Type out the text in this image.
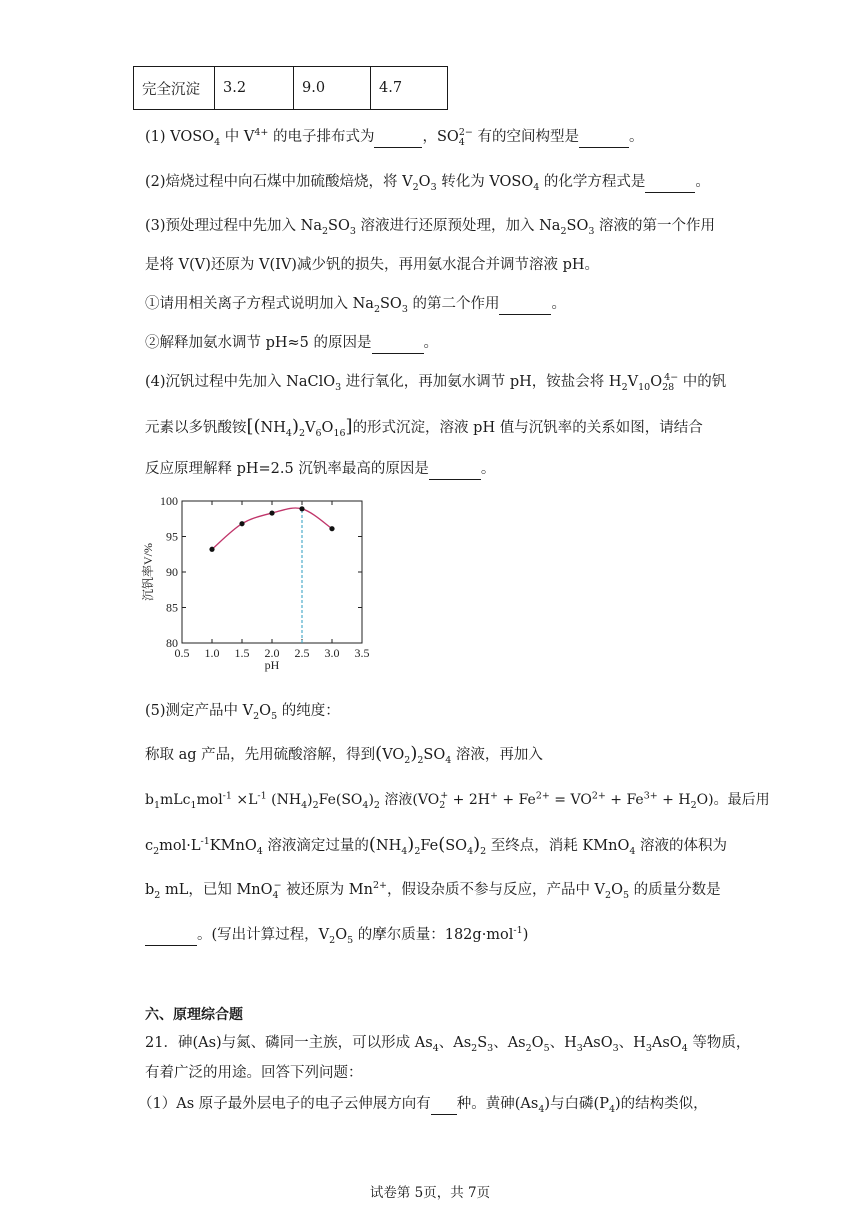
完全沉淀	3.2	9.0	4.7
(1) $VOSO_4$ 中 $V^{4+}$ 的电子排布式为	，$SO_4^{2-}$ 有的空间构型是	。
(2)焙烧过程中向石煤中加硫酸焙烧，将 $V_2O_3$ 转化为 $VOSO_4$ 的化学方程式是	。
(3)预处理过程中先加入 $Na_2SO_3$ 溶液进行还原预处理，加入 $Na_2SO_3$ 溶液的第一个作用
是将 V(V)还原为 V(IV)减少钒的损失，再用氨水混合并调节溶液 pH。
①请用相关离子方程式说明加入 $Na_2SO_3$ 的第二个作用	。
②解释加氨水调节 pH≈5 的原因是	。
(4)沉钒过程中先加入 NaClO$_3$ 进行氧化，再加氨水调节 pH，铵盐会将 $H_2V_{10}O_{28}^{4-}$ 中的钒
元素以多钒酸铵$[(NH_4)_2V_6O_{16}]$的形式沉淀，溶液 pH 值与沉钒率的关系如图，请结合
反应原理解释 pH=2.5 沉钒率最高的原因是	。
0.5 1.0 1.5 2.0 2.5 3.0 3.5
80
85
90
95
100
pH
沉钒率V/%
(5)测定产品中 $V_2O_5$ 的纯度：
称取 ag 产品，先用硫酸溶解，得到$(VO_2)_2SO_4$ 溶液，再加入
$b_1mLc_1mol^{-1} \times L^{-1}$ $(NH_4)_2Fe(SO_4)_2$ 溶液$(VO_2^+ + 2H^+ + Fe^{2+} = VO^{2+} + Fe^{3+} + H_2O)$。最后用
$c_2mol\cdot L^{-1}KMnO_4$ 溶液滴定过量的$(NH_4)_2Fe(SO_4)_2$ 至终点，消耗 KMnO$_4$ 溶液的体积为
$b_2$ mL，已知 MnO$_4$− 被还原为 $Mn^{2+}$，假设杂质不参与反应，产品中 $V_2O_5$ 的质量分数是
。(写出计算过程，$V_2O_5$ 的摩尔质量：182g·mol$^{-1}$)
六、原理综合题
21．砷(As)与氮、磷同一主族，可以形成 $As_4$、$As_2S_3$、$As_2O_5$、$H_3AsO_3$、$H_3AsO_4$ 等物质，
有着广泛的用途。回答下列问题：
（1）As 原子最外层电子的电子云伸展方向有 种。黄砷$(As_4)$与白磷$(P_4)$的结构类似，
试卷第 5页，共 7页
